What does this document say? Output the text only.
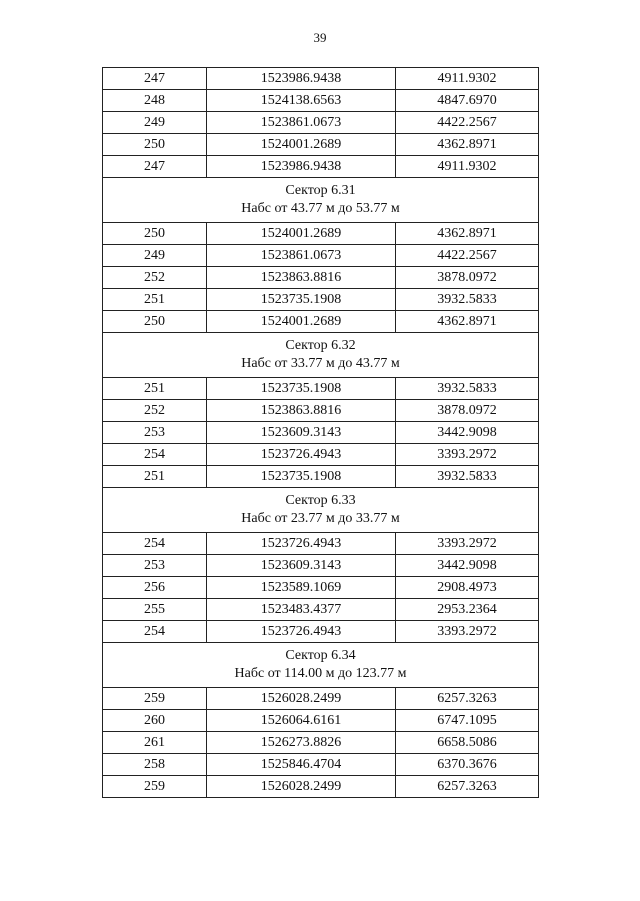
39
247	1523986.9438	4911.9302
248	1524138.6563	4847.6970
249	1523861.0673	4422.2567
250	1524001.2689	4362.8971
247	1523986.9438	4911.9302

Сектор 6.31
Набс от 43.77 м до 53.77 м		

250	1524001.2689	4362.8971
249	1523861.0673	4422.2567
252	1523863.8816	3878.0972
251	1523735.1908	3932.5833
250	1524001.2689	4362.8971

Сектор 6.32
Набс от 33.77 м до 43.77 м		

251	1523735.1908	3932.5833
252	1523863.8816	3878.0972
253	1523609.3143	3442.9098
254	1523726.4943	3393.2972
251	1523735.1908	3932.5833

Сектор 6.33
Набс от 23.77 м до 33.77 м		

254	1523726.4943	3393.2972
253	1523609.3143	3442.9098
256	1523589.1069	2908.4973
255	1523483.4377	2953.2364
254	1523726.4943	3393.2972

Сектор 6.34
Набс от 114.00 м до 123.77 м		

259	1526028.2499	6257.3263
260	1526064.6161	6747.1095
261	1526273.8826	6658.5086
258	1525846.4704	6370.3676
259	1526028.2499	6257.3263
